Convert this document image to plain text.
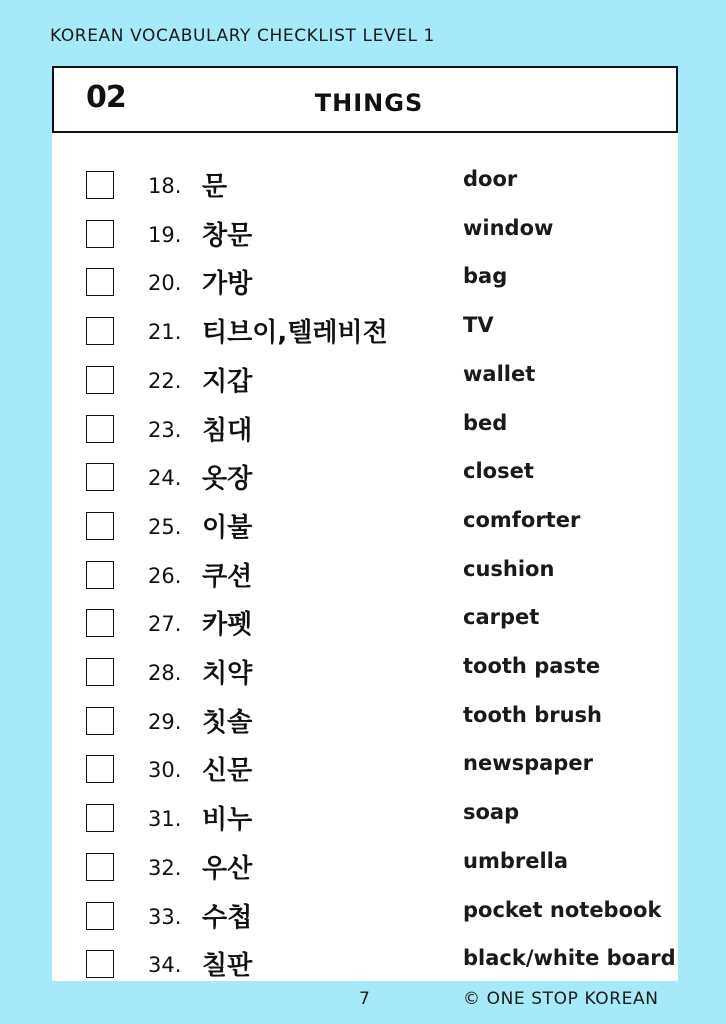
KOREAN VOCABULARY CHECKLIST LEVEL 1
02	THINGS
18. 문	door
19. 창문	window
20. 가방	bag
21. 티브이,텔레비전	TV
22. 지갑	wallet
23. 침대	bed
24. 옷장	closet
25. 이불	comforter
26. 쿠션	cushion
27. 카펫	carpet
28. 치약	tooth paste
29. 칫솔	tooth brush
30. 신문	newspaper
31. 비누	soap
32. 우산	umbrella
33. 수첩	pocket notebook
34. 칠판	black/white board
7	© ONE STOP KOREAN
